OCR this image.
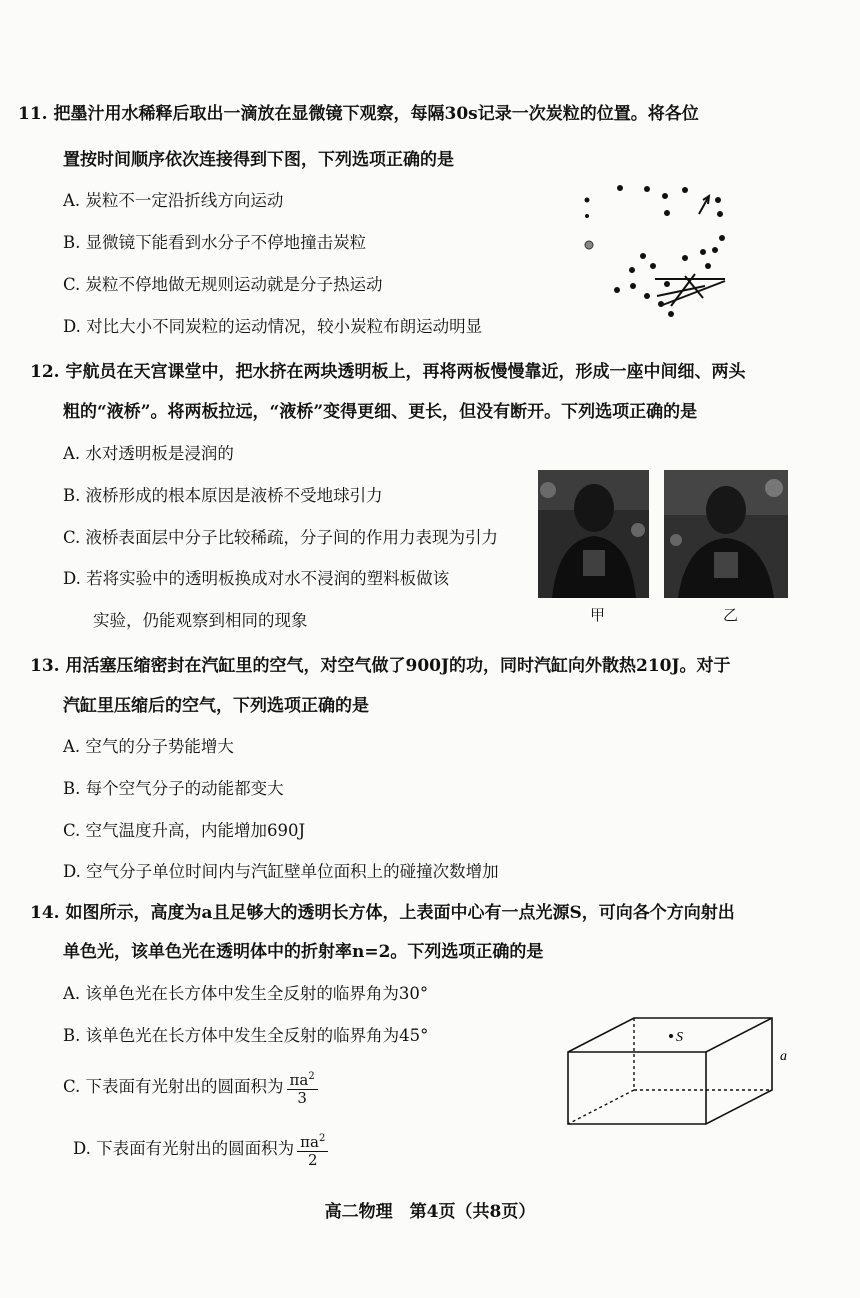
11. 把墨汁用水稀释后取出一滴放在显微镜下观察，每隔30s记录一次炭粒的位置。将各位
置按时间顺序依次连接得到下图，下列选项正确的是
A. 炭粒不一定沿折线方向运动
B. 显微镜下能看到水分子不停地撞击炭粒
C. 炭粒不停地做无规则运动就是分子热运动
D. 对比大小不同炭粒的运动情况，较小炭粒布朗运动明显
12. 宇航员在天宫课堂中，把水挤在两块透明板上，再将两板慢慢靠近，形成一座中间细、两头
粗的“液桥”。将两板拉远，“液桥”变得更细、更长，但没有断开。下列选项正确的是
A. 水对透明板是浸润的
B. 液桥形成的根本原因是液桥不受地球引力
C. 液桥表面层中分子比较稀疏，分子间的作用力表现为引力
D. 若将实验中的透明板换成对水不浸润的塑料板做该
实验，仍能观察到相同的现象	甲	乙
13. 用活塞压缩密封在汽缸里的空气，对空气做了900J的功，同时汽缸向外散热210J。对于
汽缸里压缩后的空气，下列选项正确的是
A. 空气的分子势能增大
B. 每个空气分子的动能都变大
C. 空气温度升高，内能增加690J
D. 空气分子单位时间内与汽缸壁单位面积上的碰撞次数增加
14. 如图所示，高度为a且足够大的透明长方体，上表面中心有一点光源S，可向各个方向射出
单色光，该单色光在透明体中的折射率n=2。下列选项正确的是
A. 该单色光在长方体中发生全反射的临界角为30°
B. 该单色光在长方体中发生全反射的临界角为45°
C. 下表面有光射出的圆面积为 $\frac{\pi a^2}{3}$
D. 下表面有光射出的圆面积为 $\frac{\pi a^2}{2}$
S
a
高二物理　第4页（共8页）
